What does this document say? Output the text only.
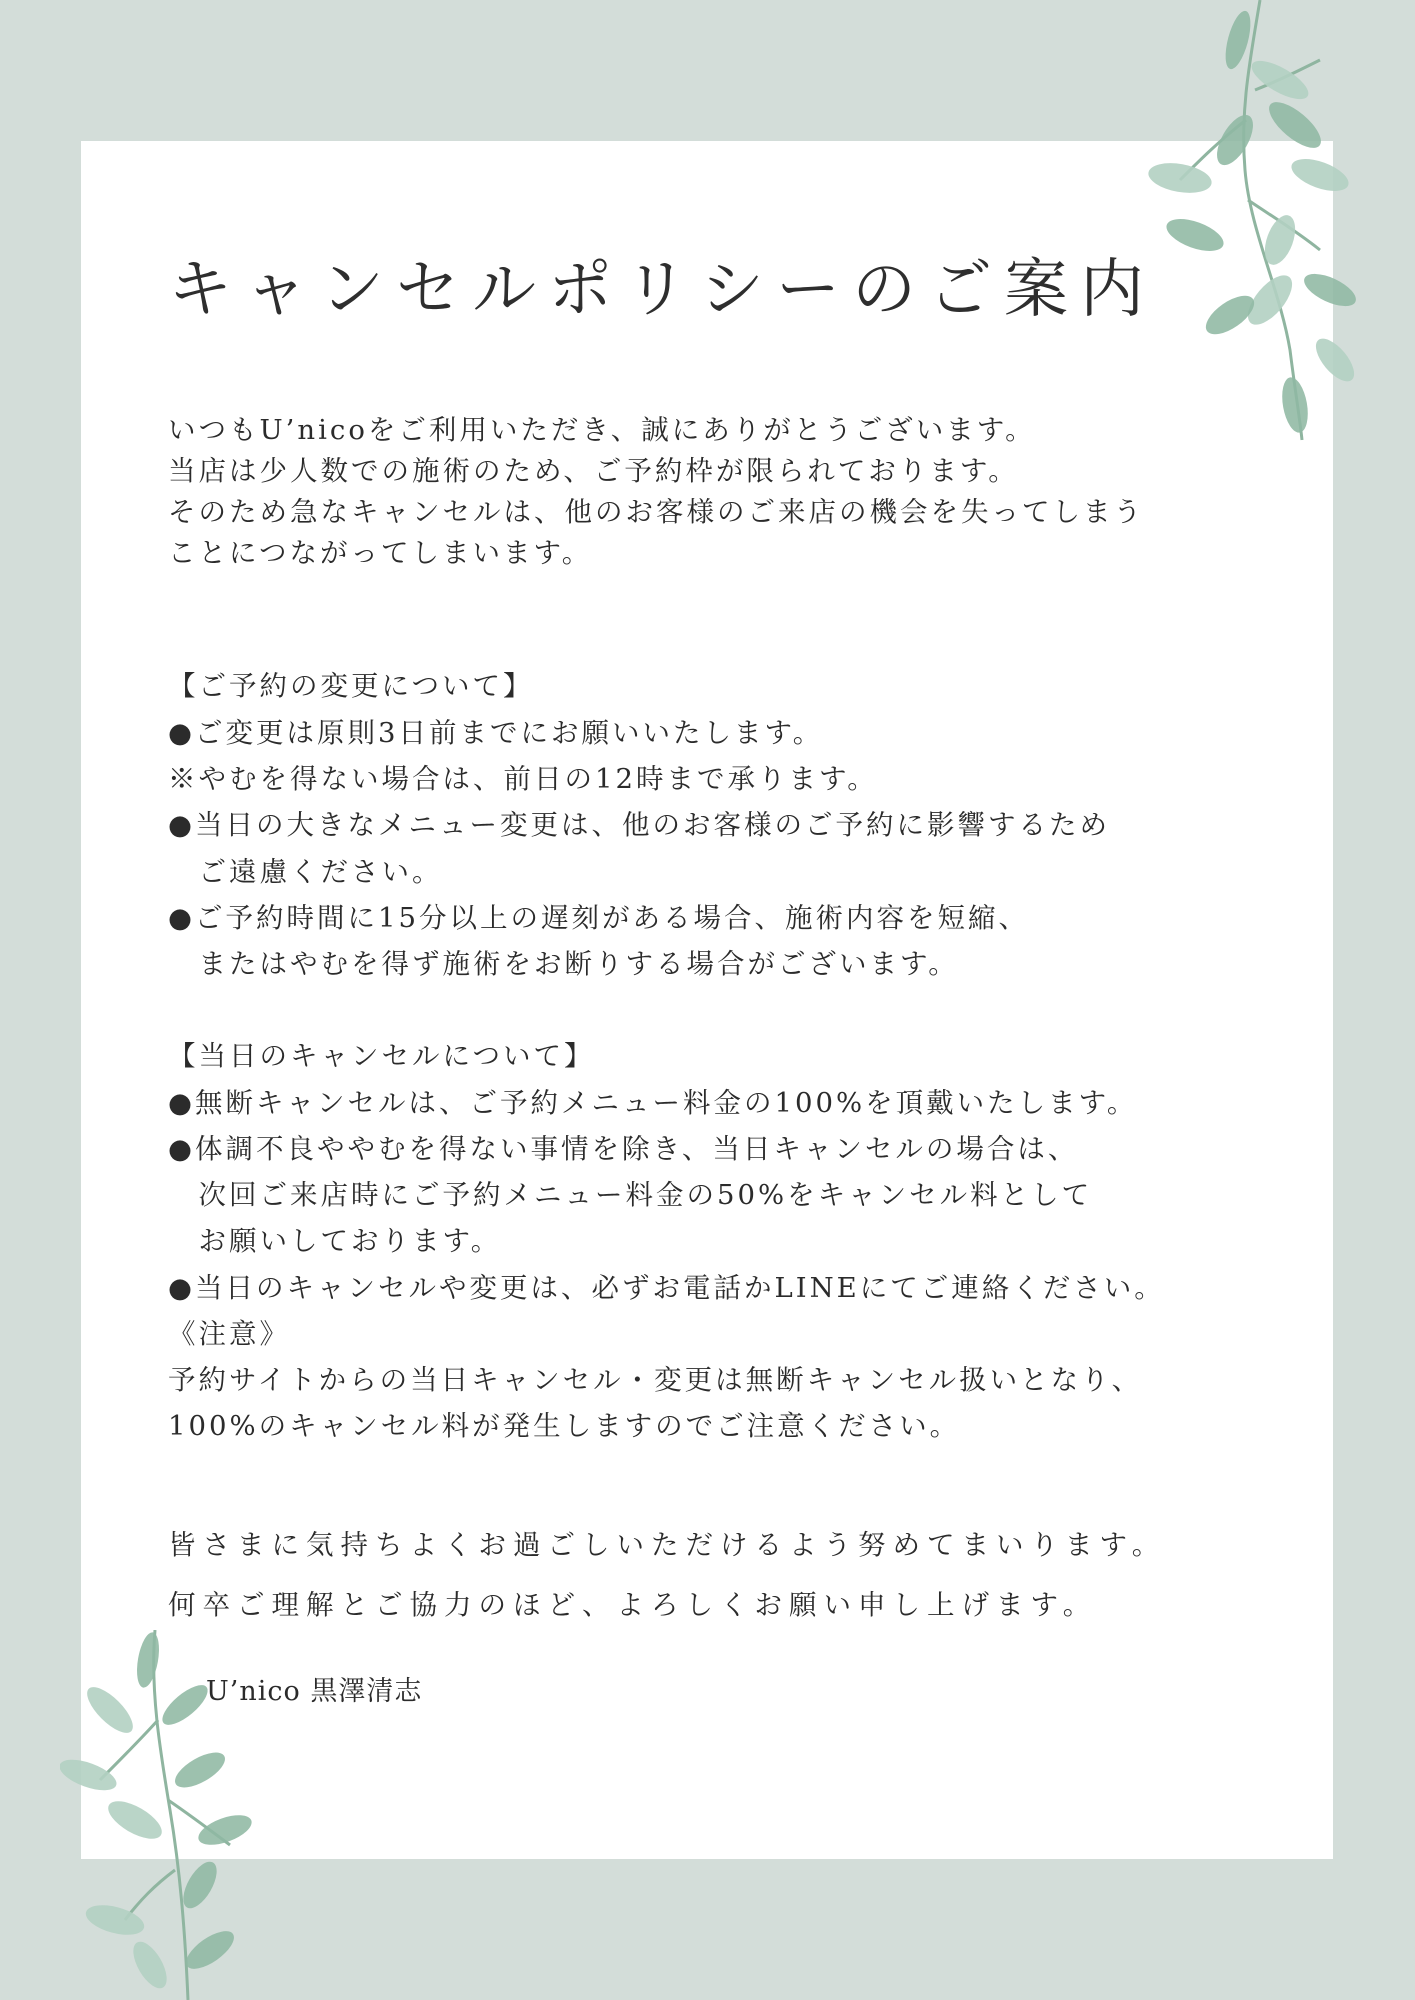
キャンセルポリシーのご案内

いつもU’nicoをご利用いただき、誠にありがとうございます。

当店は少人数での施術のため、ご予約枠が限られております。

そのため急なキャンセルは、他のお客様のご来店の機会を失ってしまう

ことにつながってしまいます。

【ご予約の変更について】

●ご変更は原則3日前までにお願いいたします。

※やむを得ない場合は、前日の12時まで承ります。

●当日の大きなメニュー変更は、他のお客様のご予約に影響するため

　ご遠慮ください。

●ご予約時間に15分以上の遅刻がある場合、施術内容を短縮、

　またはやむを得ず施術をお断りする場合がございます。

【当日のキャンセルについて】

●無断キャンセルは、ご予約メニュー料金の100%を頂戴いたします。

●体調不良ややむを得ない事情を除き、当日キャンセルの場合は、

　次回ご来店時にご予約メニュー料金の50%をキャンセル料として

　お願いしております。

●当日のキャンセルや変更は、必ずお電話かLINEにてご連絡ください。

《注意》

予約サイトからの当日キャンセル・変更は無断キャンセル扱いとなり、

100%のキャンセル料が発生しますのでご注意ください。

皆さまに気持ちよくお過ごしいただけるよう努めてまいります。

何卒ご理解とご協力のほど、よろしくお願い申し上げます。

U’nico 黒澤清志
